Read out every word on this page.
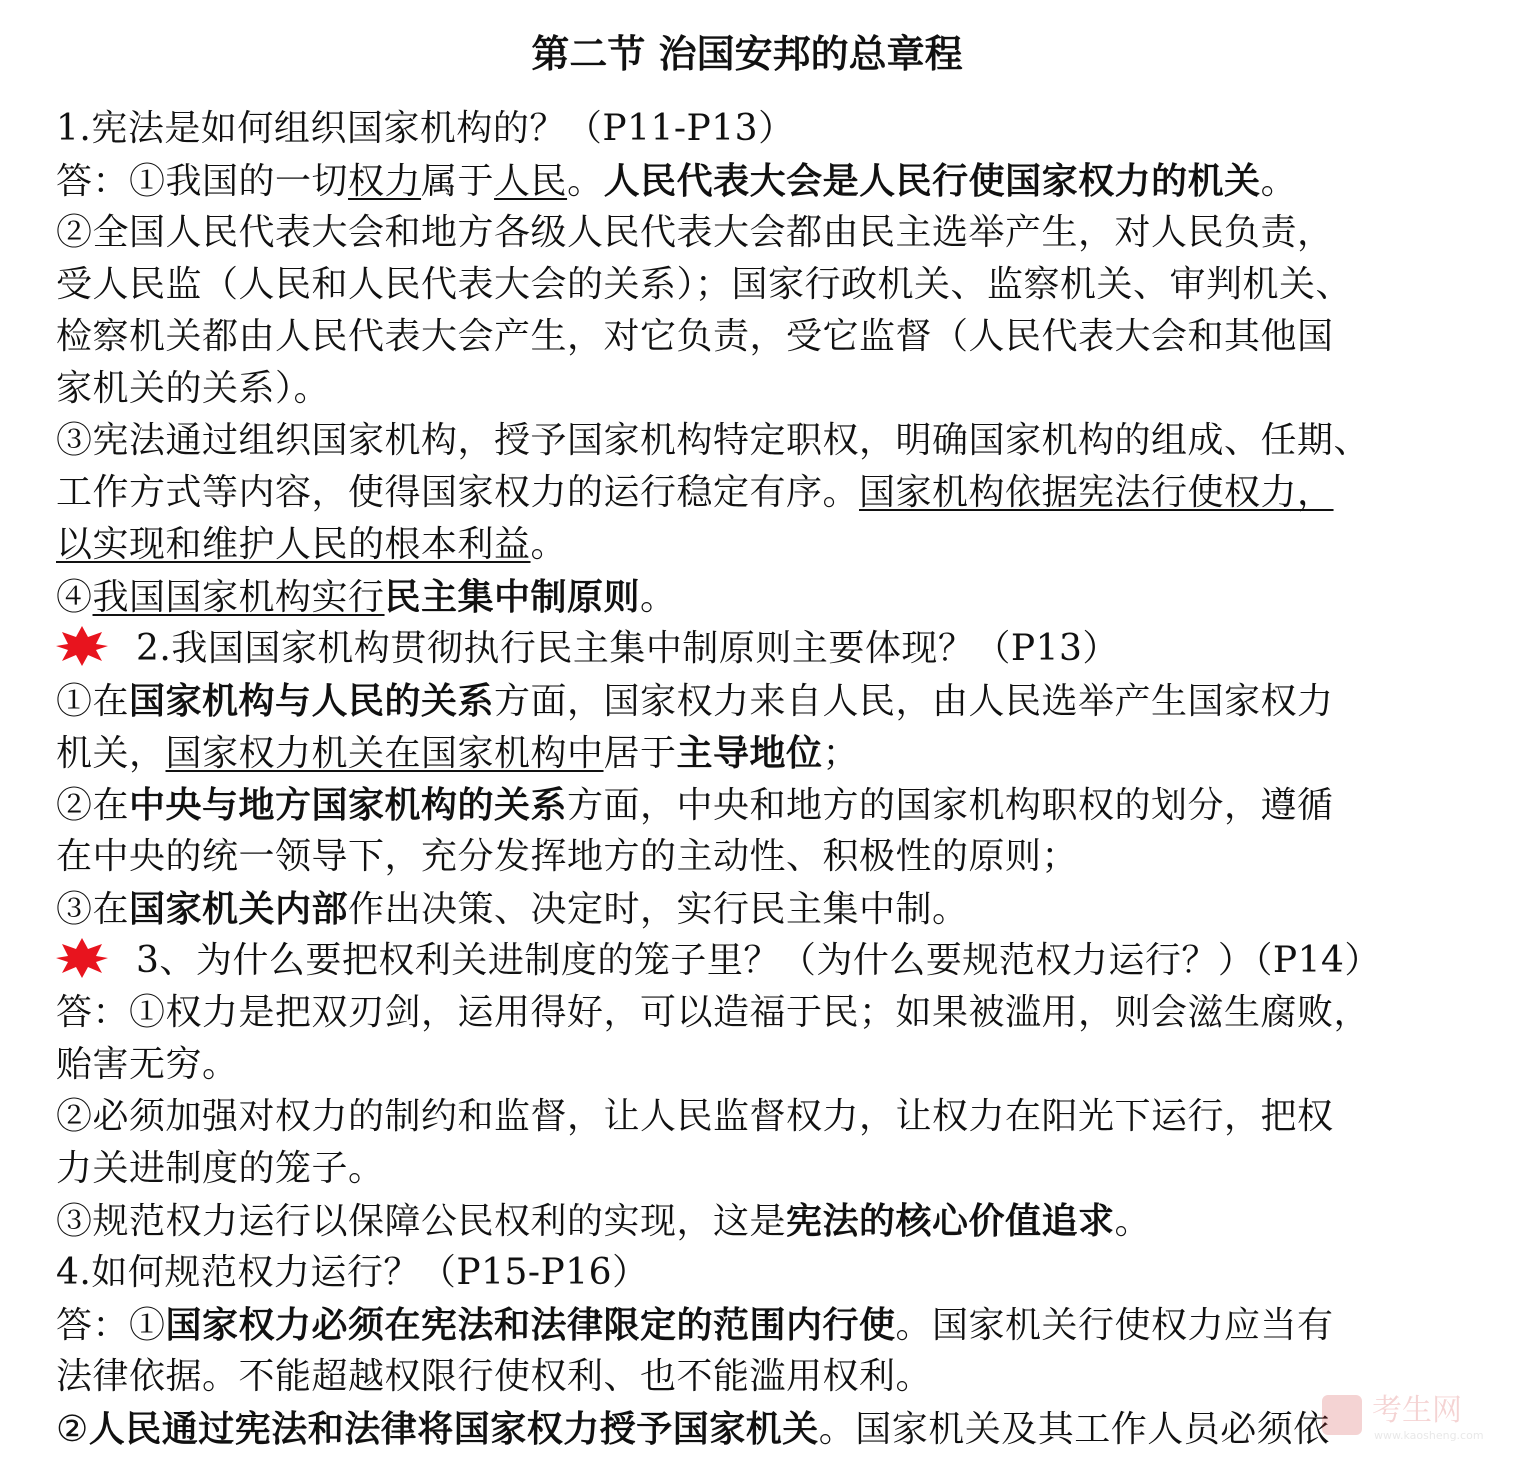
第二节 治国安邦的总章程
1.宪法是如何组织国家机构的？（P11-P13）
答：①我国的一切权力属于人民。人民代表大会是人民行使国家权力的机关。
②全国人民代表大会和地方各级人民代表大会都由民主选举产生，对人民负责，
受人民监（人民和人民代表大会的关系）；国家行政机关、监察机关、审判机关、
检察机关都由人民代表大会产生，对它负责，受它监督（人民代表大会和其他国
家机关的关系）。
③宪法通过组织国家机构，授予国家机构特定职权，明确国家机构的组成、任期、
工作方式等内容，使得国家权力的运行稳定有序。国家机构依据宪法行使权力，
以实现和维护人民的根本利益。
④我国国家机构实行民主集中制原则。
2.我国国家机构贯彻执行民主集中制原则主要体现？（P13）
①在国家机构与人民的关系方面，国家权力来自人民，由人民选举产生国家权力
机关，国家权力机关在国家机构中居于主导地位；
②在中央与地方国家机构的关系方面，中央和地方的国家机构职权的划分，遵循
在中央的统一领导下，充分发挥地方的主动性、积极性的原则；
③在国家机关内部作出决策、决定时，实行民主集中制。
3、为什么要把权利关进制度的笼子里？（为什么要规范权力运行？）（P14）
答：①权力是把双刃剑，运用得好，可以造福于民；如果被滥用，则会滋生腐败，
贻害无穷。
②必须加强对权力的制约和监督，让人民监督权力，让权力在阳光下运行，把权
力关进制度的笼子。
③规范权力运行以保障公民权利的实现，这是宪法的核心价值追求。
4.如何规范权力运行？（P15-P16）
答：①国家权力必须在宪法和法律限定的范围内行使。国家机关行使权力应当有
法律依据。不能超越权限行使权利、也不能滥用权利。
②人民通过宪法和法律将国家权力授予国家机关。国家机关及其工作人员必须依	考生网
www.kaosheng.com
